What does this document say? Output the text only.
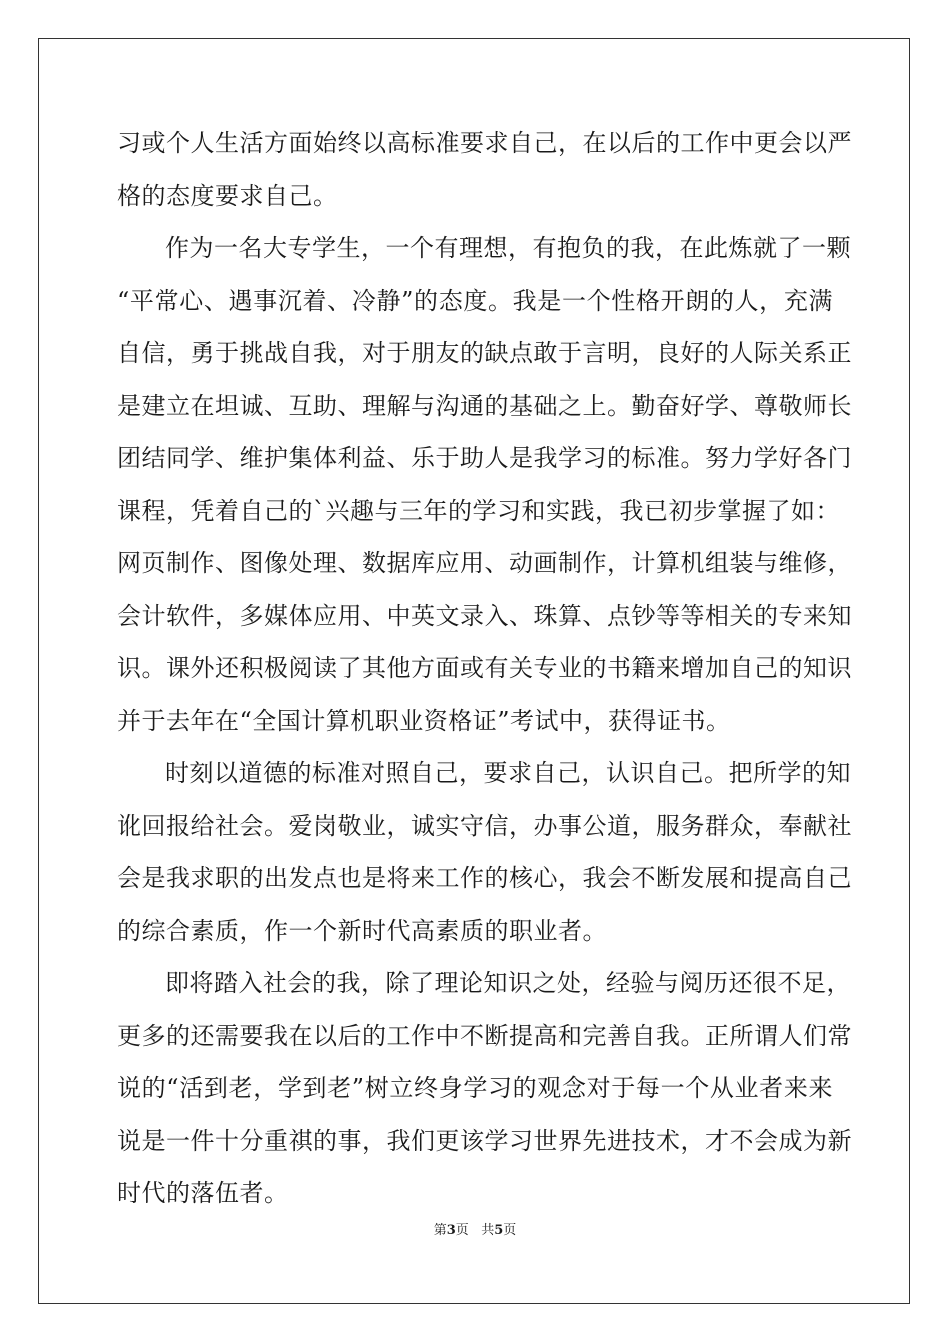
习或个人生活方面始终以高标准要求自己，在以后的工作中更会以严
格的态度要求自己。
作为一名大专学生，一个有理想，有抱负的我，在此炼就了一颗
“平常心、遇事沉着、冷静”的态度。我是一个性格开朗的人，充满
自信，勇于挑战自我，对于朋友的缺点敢于言明，良好的人际关系正
是建立在坦诚、互助、理解与沟通的基础之上。勤奋好学、尊敬师长
团结同学、维护集体利益、乐于助人是我学习的标准。努力学好各门
课程，凭着自己的`兴趣与三年的学习和实践，我已初步掌握了如：
网页制作、图像处理、数据库应用、动画制作，计算机组装与维修，
会计软件，多媒体应用、中英文录入、珠算、点钞等等相关的专来知
识。课外还积极阅读了其他方面或有关专业的书籍来增加自己的知识
并于去年在“全国计算机职业资格证”考试中，获得证书。
时刻以道德的标准对照自己，要求自己，认识自己。把所学的知
讹回报给社会。爱岗敬业，诚实守信，办事公道，服务群众，奉献社
会是我求职的出发点也是将来工作的核心，我会不断发展和提高自己
的综合素质，作一个新时代高素质的职业者。
即将踏入社会的我，除了理论知识之处，经验与阅历还很不足，
更多的还需要我在以后的工作中不断提高和完善自我。正所谓人们常
说的“活到老，学到老”树立终身学习的观念对于每一个从业者来来
说是一件十分重祺的事，我们更该学习世界先进技术，才不会成为新
时代的落伍者。
第3页 共5页
